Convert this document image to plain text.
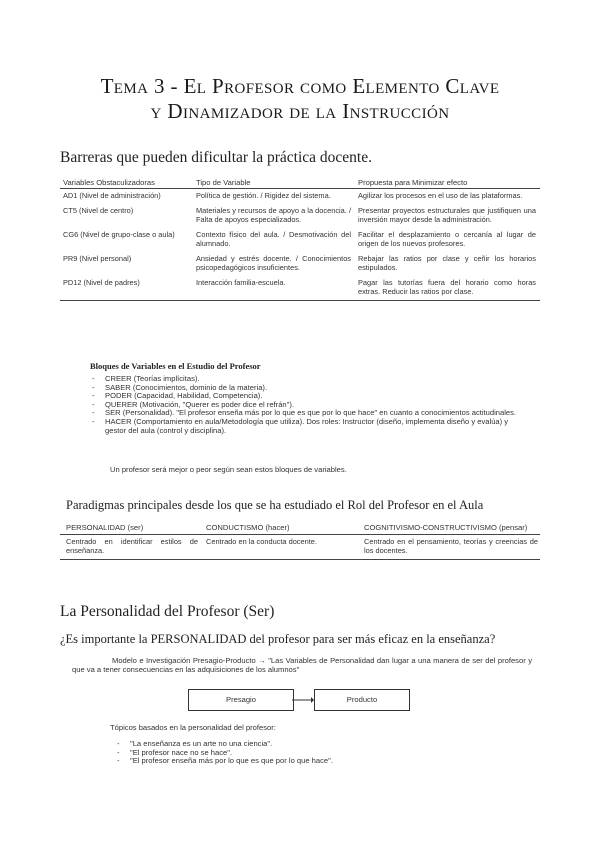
Tema 3 - El Profesor como Elemento Clave
y Dinamizador de la Instrucción
Barreras que pueden dificultar la práctica docente.
Variables Obstaculizadoras	Tipo de Variable	Propuesta para Minimizar efecto
AD1 (Nivel de administración)	Política de gestión. / Rigidez del sistema.	Agilizar los procesos en el uso de las plataformas.
CT5 (Nivel de centro)	Materiales y recursos de apoyo a la docencia. / Falta de apoyos especializados.	Presentar proyectos estructurales que justifiquen una inversión mayor desde la administración.
CG6 (Nivel de grupo-clase o aula)	Contexto físico del aula. / Desmotivación del alumnado.	Facilitar el desplazamiento o cercanía al lugar de origen de los nuevos profesores.
PR9 (Nivel personal)	Ansiedad y estrés docente. / Conocimientos psicopedagógicos insuficientes.	Rebajar las ratios por clase y ceñir los horarios estipulados.
PD12 (Nivel de padres)	Interacción familia-escuela.	Pagar las tutorías fuera del horario como horas extras. Reducir las ratios por clase.
Bloques de Variables en el Estudio del Profesor
- CREER (Teorías implícitas).
- SABER (Conocimientos, dominio de la materia).
- PODER (Capacidad, Habilidad, Competencia).
- QUERER (Motivación, "Querer es poder dice el refrán").
- SER (Personalidad). "El profesor enseña más por lo que es que por lo que hace" en cuanto a conocimientos actitudinales.
- HACER (Comportamiento en aula/Metodología que utiliza). Dos roles: Instructor (diseño, implementa diseño y evalúa) y gestor del aula (control y disciplina).
Un profesor será mejor o peor según sean estos bloques de variables.
Paradigmas principales desde los que se ha estudiado el Rol del Profesor en el Aula
PERSONALIDAD (ser)	CONDUCTISMO (hacer)	COGNITIVISMO-CONSTRUCTIVISMO (pensar)
Centrado en identificar estilos de enseñanza.	Centrado en la conducta docente.	Centrado en el pensamiento, teorías y creencias de los docentes.
La Personalidad del Profesor (Ser)
¿Es importante la PERSONALIDAD del profesor para ser más eficaz en la enseñanza?
Modelo e Investigación Presagio-Producto → "Las Variables de Personalidad dan lugar a una manera de ser del profesor y que va a tener consecuencias en las adquisiciones de los alumnos"
Presagio	Producto
Tópicos basados en la personalidad del profesor:
- "La enseñanza es un arte no una ciencia".
- "El profesor nace no se hace".
- "El profesor enseña más por lo que es que por lo que hace".
